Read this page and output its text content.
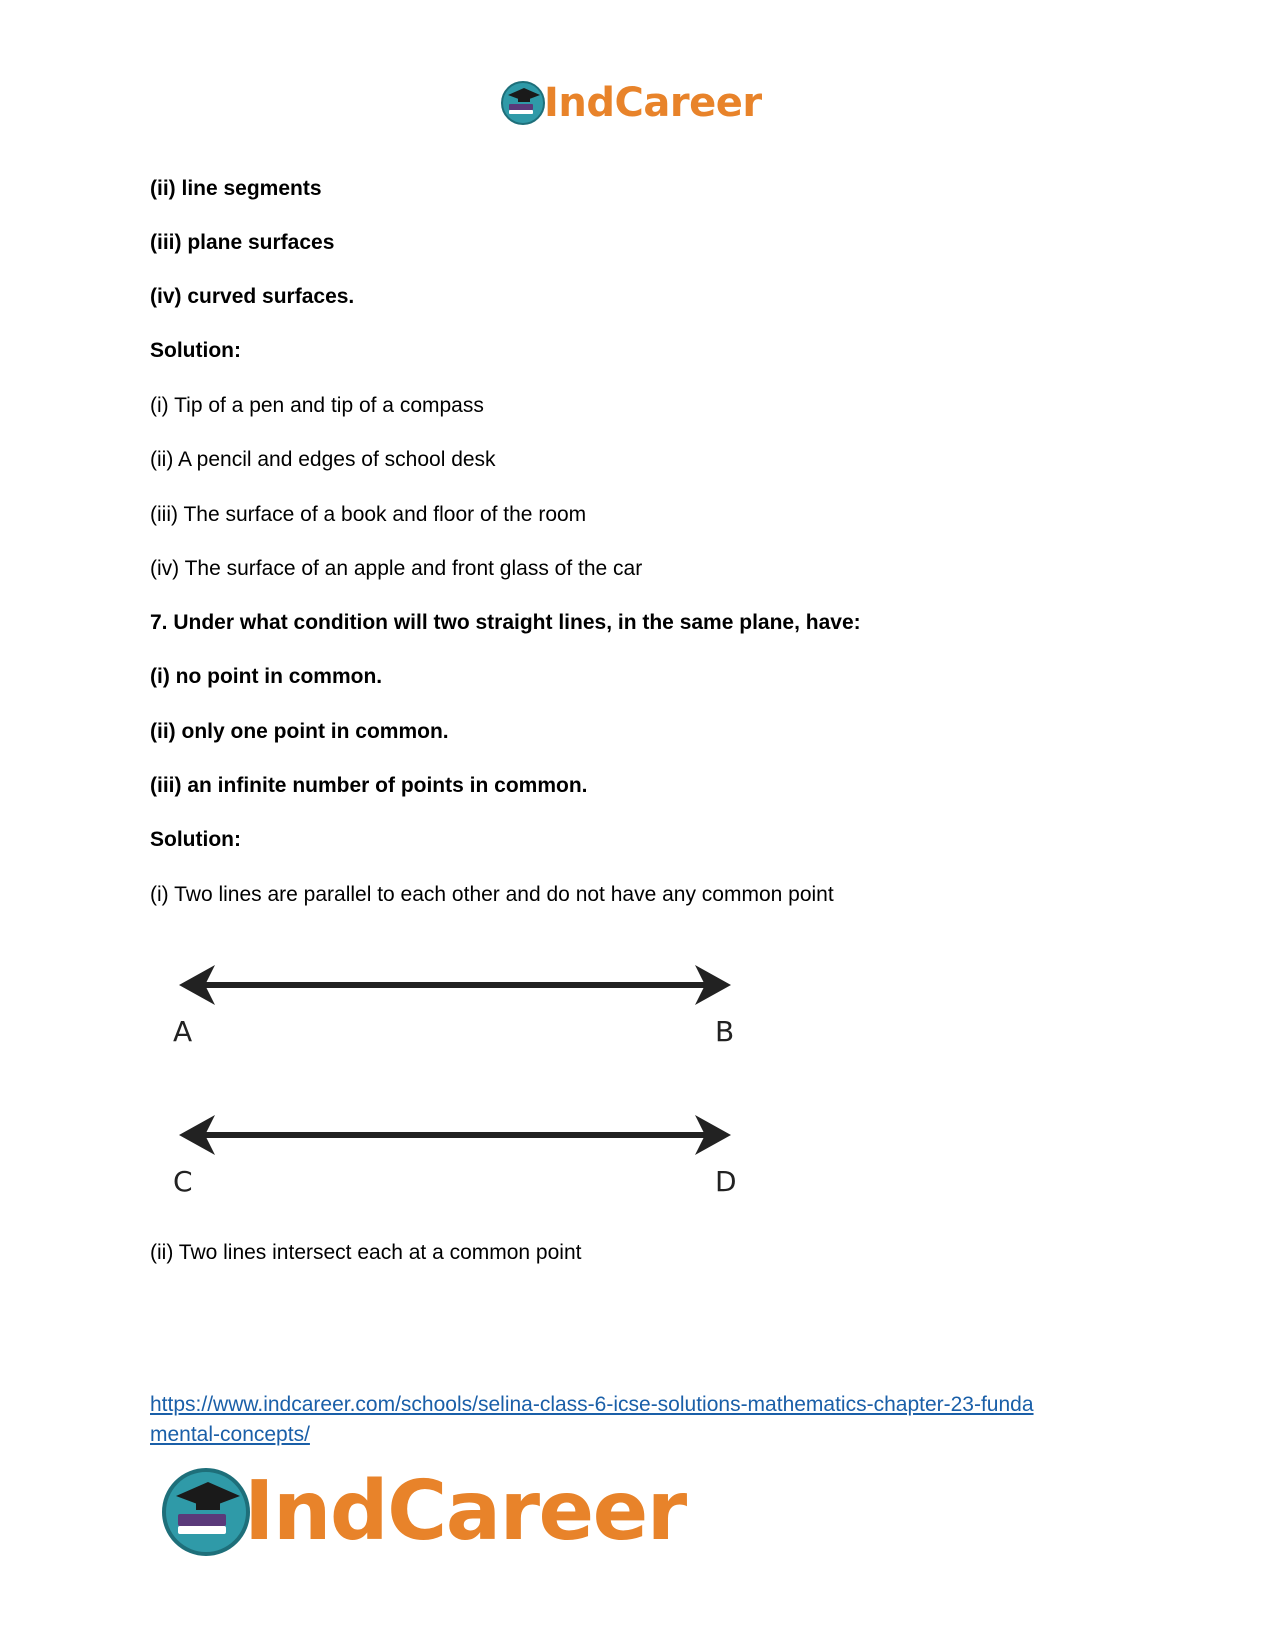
IndCareer
(ii) line segments
(iii) plane surfaces
(iv) curved surfaces.
Solution:
(i) Tip of a pen and tip of a compass
(ii) A pencil and edges of school desk
(iii) The surface of a book and floor of the room
(iv) The surface of an apple and front glass of the car
7. Under what condition will two straight lines, in the same plane, have:
(i) no point in common.
(ii) only one point in common.
(iii) an infinite number of points in common.
Solution:
(i) Two lines are parallel to each other and do not have any common point
A	B
C	D
(ii) Two lines intersect each at a common point
https://www.indcareer.com/schools/selina-class-6-icse-solutions-mathematics-chapter-23-funda
mental-concepts/
IndCareer
